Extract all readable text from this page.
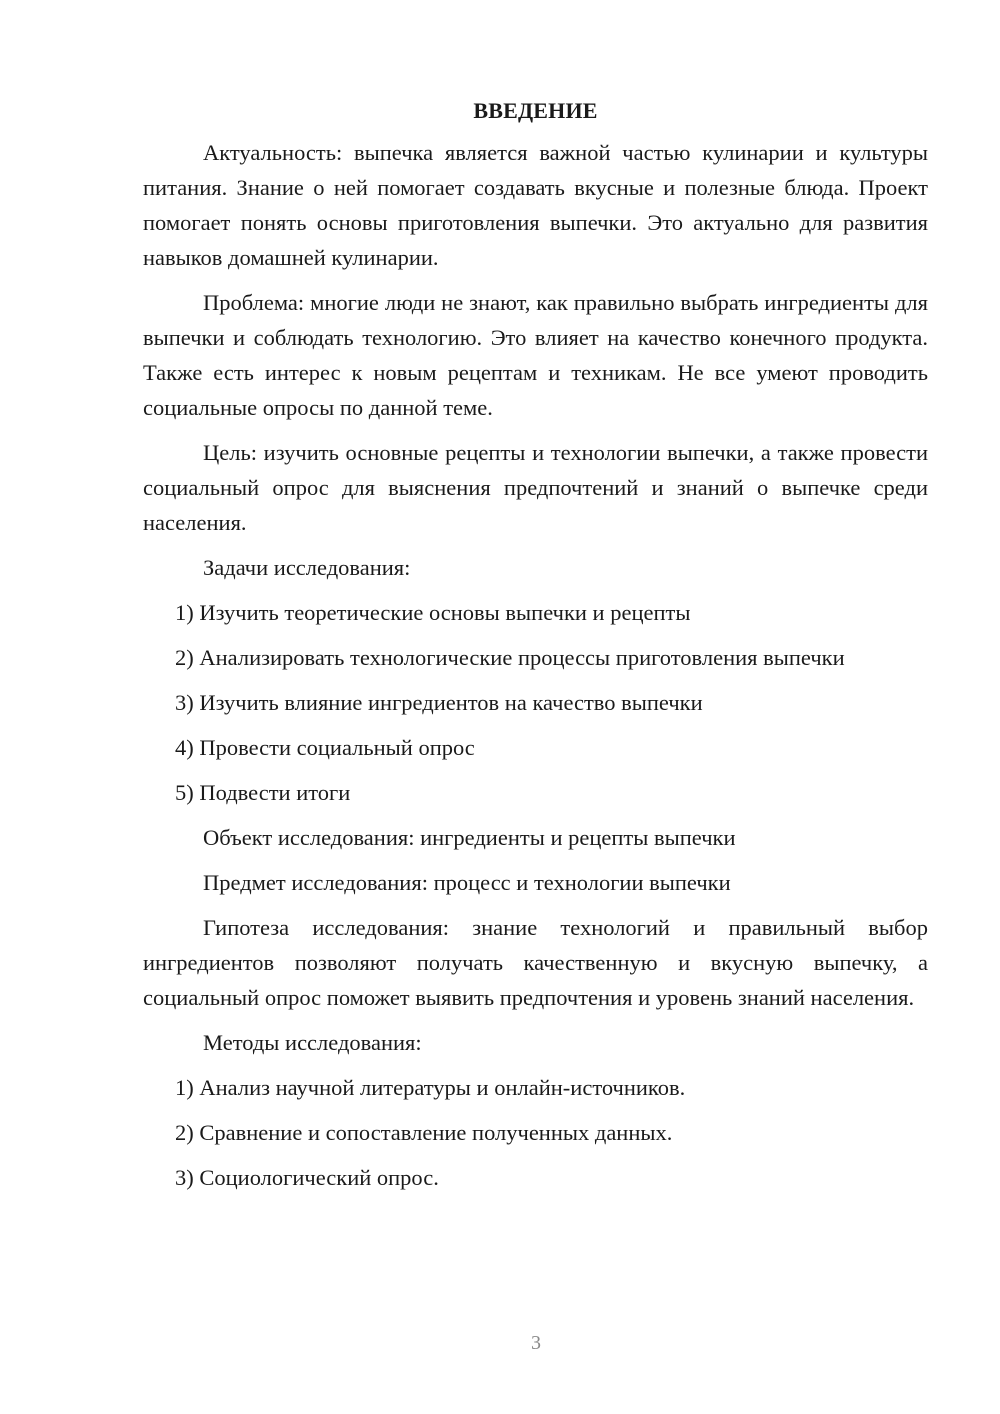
ВВЕДЕНИЕ

Актуальность: выпечка является важной частью кулинарии и культуры питания. Знание о ней помогает создавать вкусные и полезные блюда. Проект помогает понять основы приготовления выпечки. Это актуально для развития навыков домашней кулинарии.

Проблема: многие люди не знают, как правильно выбрать ингредиенты для выпечки и соблюдать технологию. Это влияет на качество конечного продукта. Также есть интерес к новым рецептам и техникам. Не все умеют проводить социальные опросы по данной теме.

Цель: изучить основные рецепты и технологии выпечки, а также провести социальный опрос для выяснения предпочтений и знаний о выпечке среди населения.

Задачи исследования:
1) Изучить теоретические основы выпечки и рецепты
2) Анализировать технологические процессы приготовления выпечки
3) Изучить влияние ингредиентов на качество выпечки
4) Провести социальный опрос
5) Подвести итоги
Объект исследования: ингредиенты и рецепты выпечки
Предмет исследования: процесс и технологии выпечки

Гипотеза исследования: знание технологий и правильный выбор ингредиентов позволяют получать качественную и вкусную выпечку, а социальный опрос поможет выявить предпочтения и уровень знаний населения.

Методы исследования:
1) Анализ научной литературы и онлайн-источников.
2) Сравнение и сопоставление полученных данных.
3) Социологический опрос.
3
